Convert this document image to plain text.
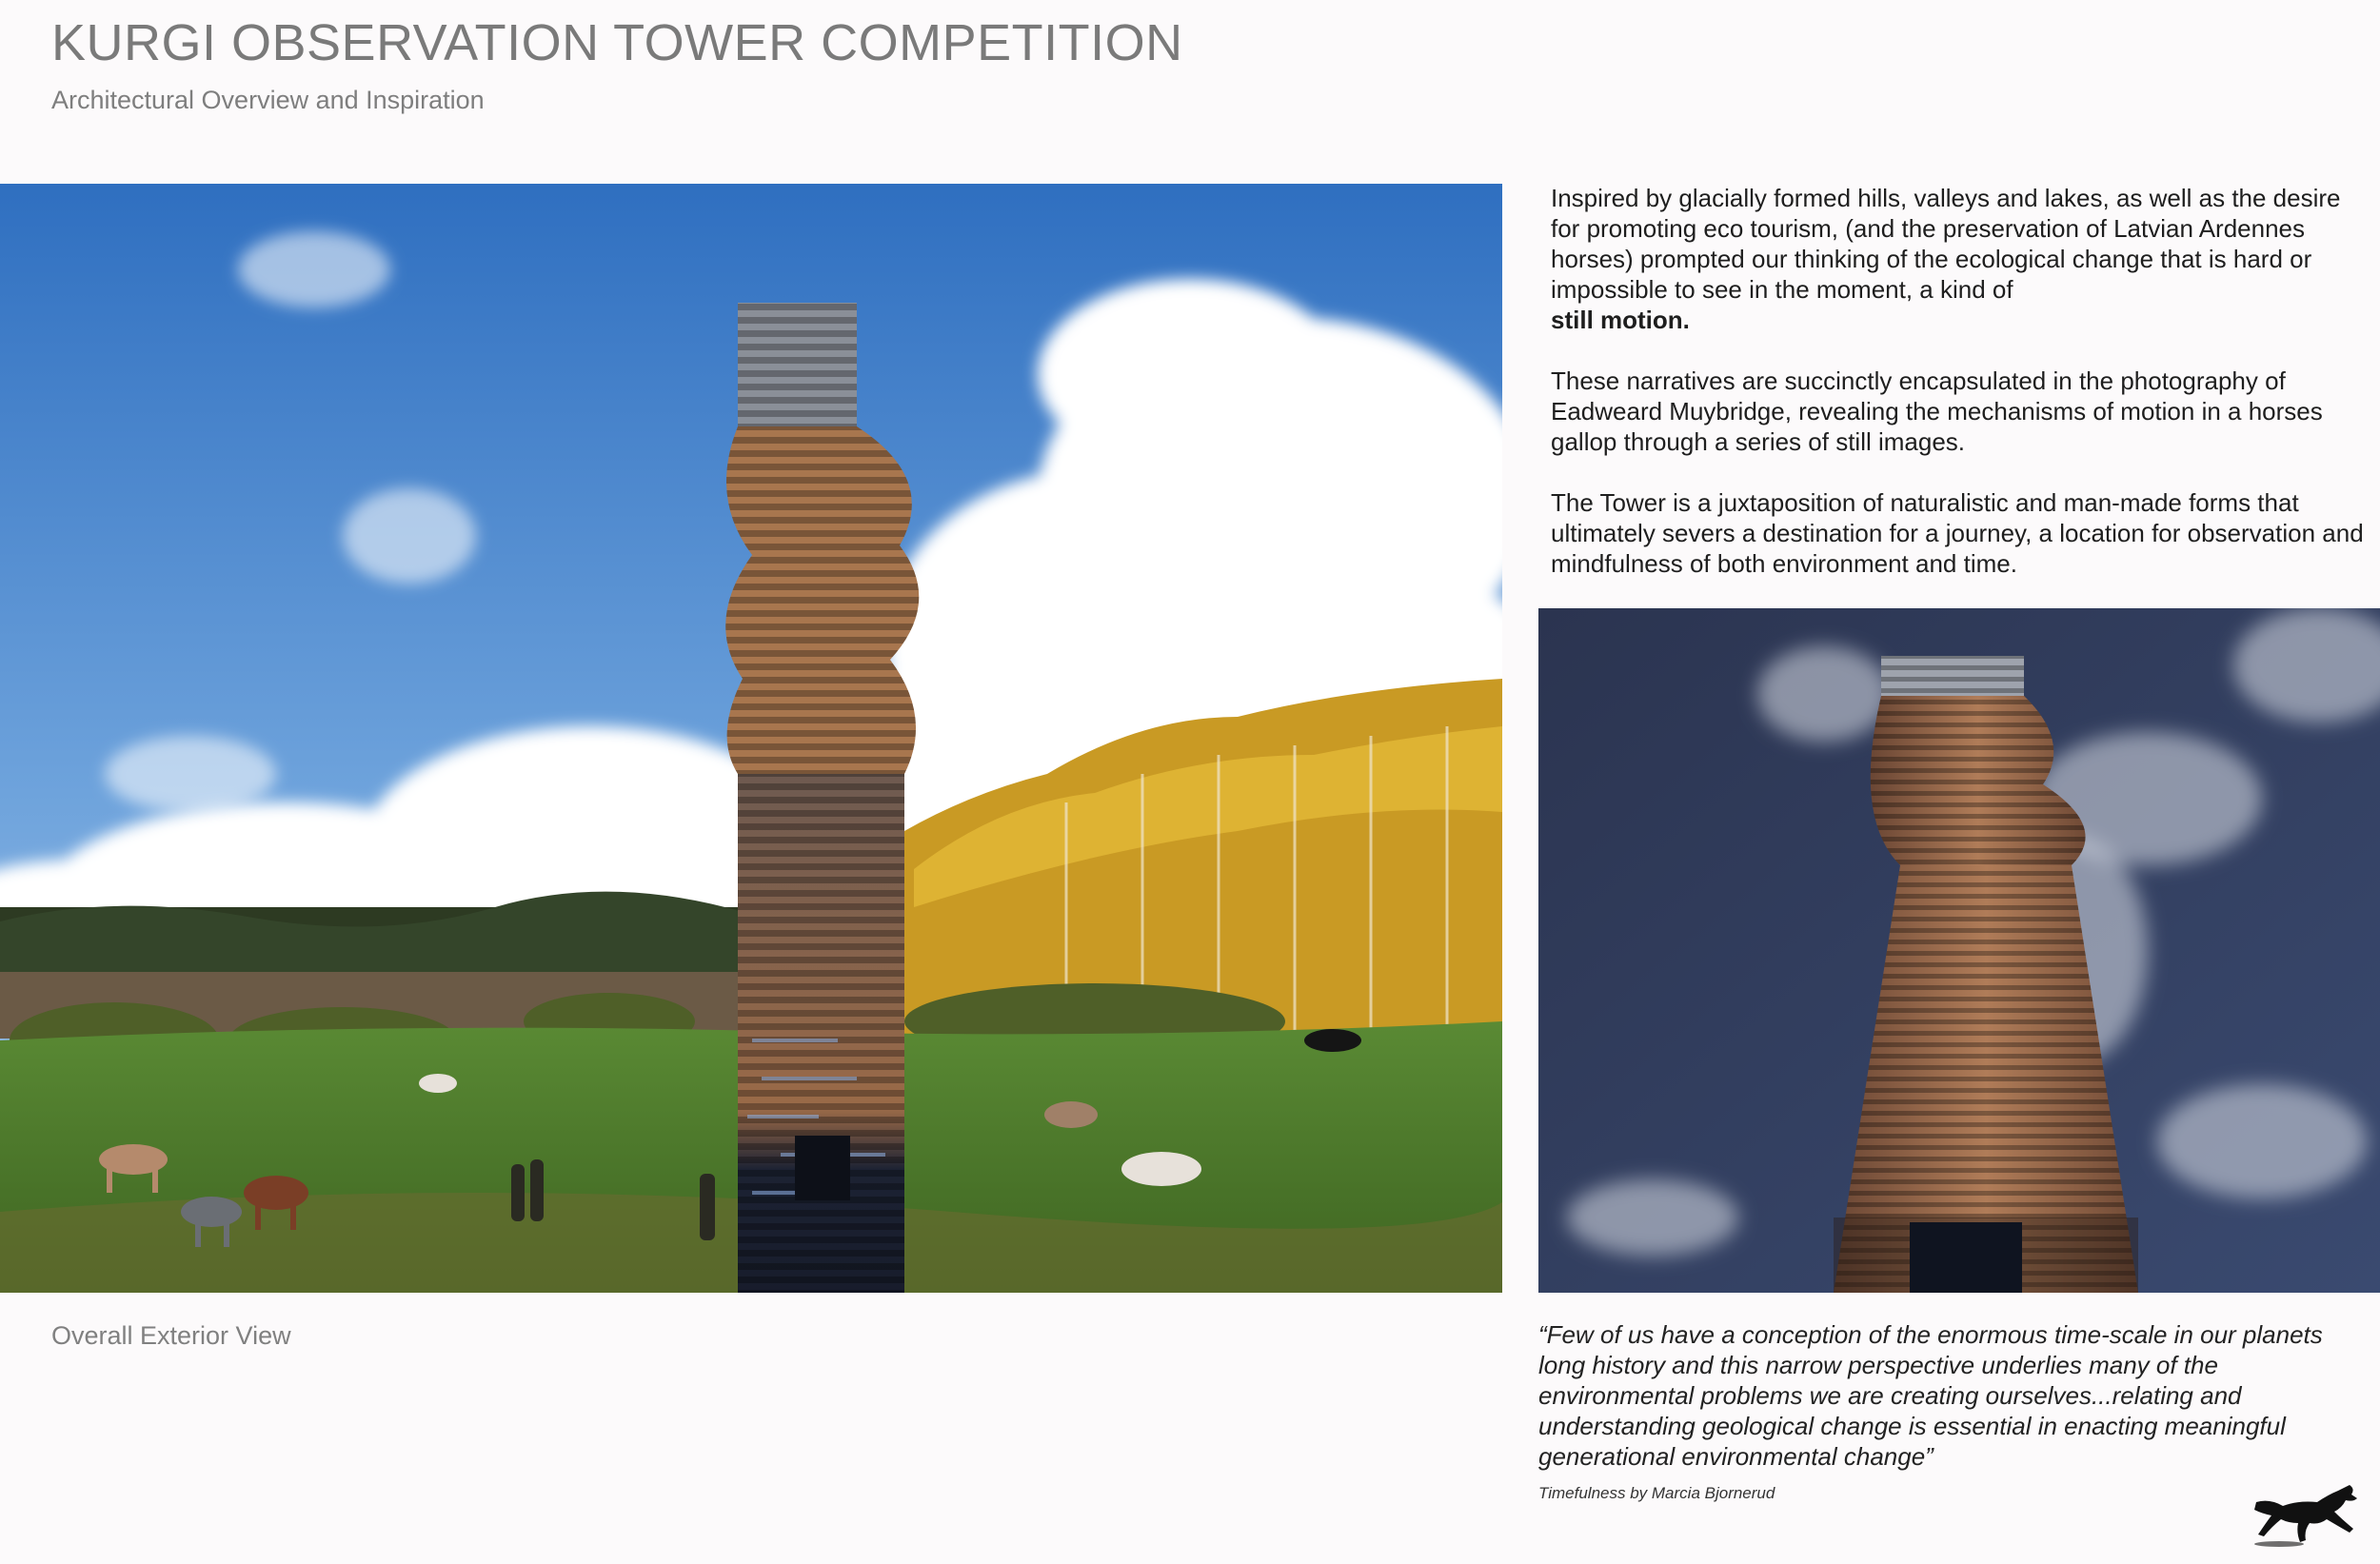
KURGI OBSERVATION TOWER COMPETITION
Architectural Overview and Inspiration
Overall Exterior View

Inspired by glacially formed hills, valleys and lakes, as well as the desire for promoting eco tourism, (and the preservation of Latvian Ardennes horses) prompted our thinking of the ecological change that is hard or impossible to see in the moment, a kind of
still motion.

These narratives are succinctly encapsulated in the photography of Eadweard Muybridge, revealing the mechanisms of motion in a horses gallop through a series of still images.

The Tower is a juxtaposition of naturalistic and man-made forms that ultimately severs a destination for a journey, a location for observation and mindfulness of both environment and time.

“Few of us have a conception of the enormous time-scale in our planets long history and this narrow perspective underlies many of the environmental problems we are creating ourselves...relating and understanding geological change is essential in enacting meaningful generational environmental change”

Timefulness by Marcia Bjornerud
